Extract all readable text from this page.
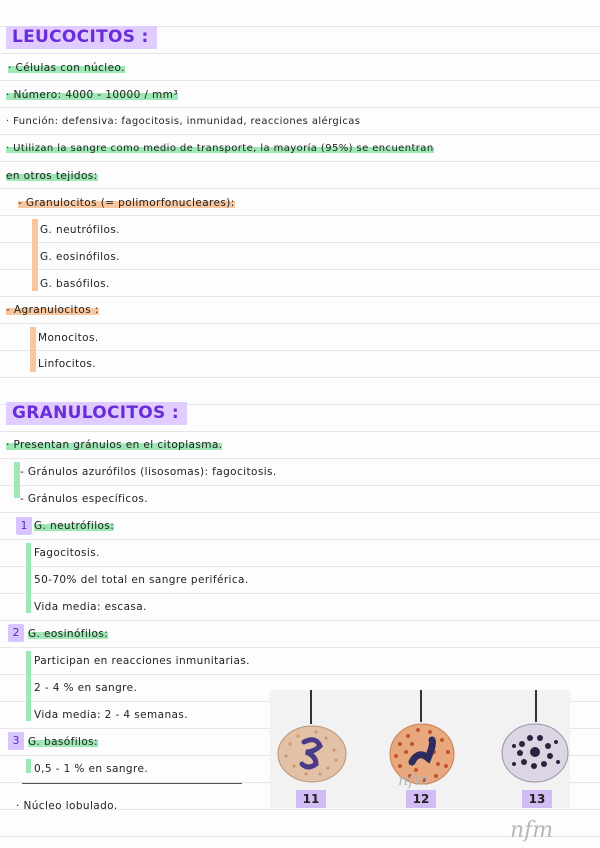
LEUCOCITOS :
· Células con núcleo.
· Número: 4000 - 10000 / mm³
· Función: defensiva: fagocitosis, inmunidad, reacciones alérgicas
· Utilizan la sangre como medio de transporte, la mayoría (95%) se encuentran
en otros tejidos:
- Granulocitos (= polimorfonucleares):
G. neutrófilos.
G. eosinófilos.
G. basófilos.
- Agranulocitos :
Monocitos.
Linfocitos.
GRANULOCITOS :
· Presentan gránulos en el citoplasma.
- Gránulos azurófilos (lisosomas): fagocitosis.
- Gránulos específicos.
1 G. neutrófilos:
Fagocitosis.
50-70% del total en sangre periférica.
Vida media: escasa.
2 G. eosinófilos:
Participan en reacciones inmunitarias.
2 - 4 % en sangre.
Vida media: 2 - 4 semanas.
3 G. basófilos:
0,5 - 1 % en sangre.
· Núcleo lobulado.
nfm
11	12	13
nfm
